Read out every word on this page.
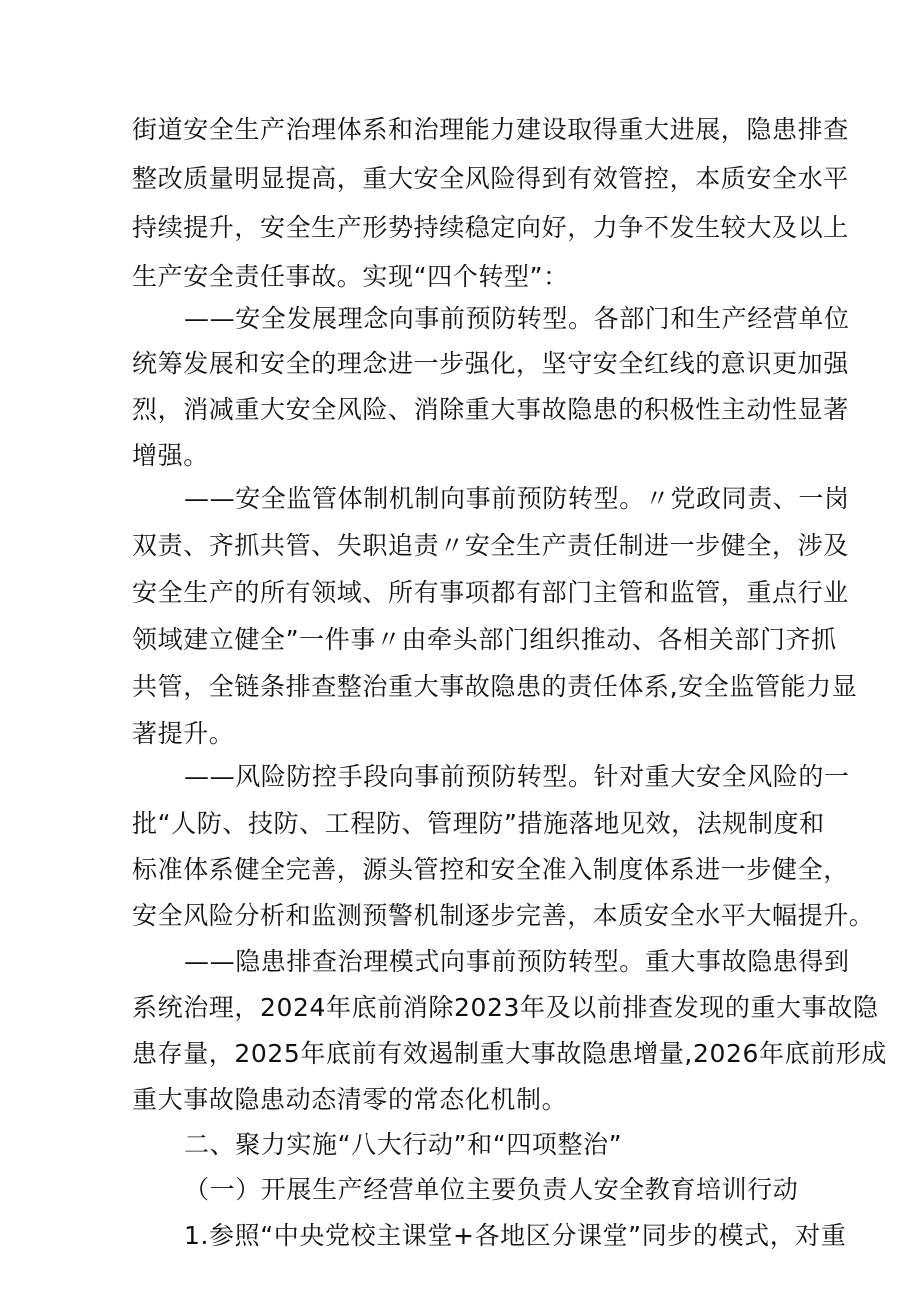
街道安全生产治理体系和治理能力建设取得重大进展，隐患排查
整改质量明显提高，重大安全风险得到有效管控，本质安全水平
持续提升，安全生产形势持续稳定向好，力争不发生较大及以上
生产安全责任事故。实现“四个转型”：
——安全发展理念向事前预防转型。各部门和生产经营单位
统筹发展和安全的理念进一步强化，坚守安全红线的意识更加强
烈，消减重大安全风险、消除重大事故隐患的积极性主动性显著
增强。
——安全监管体制机制向事前预防转型。〃党政同责、一岗
双责、齐抓共管、失职追责〃安全生产责任制进一步健全，涉及
安全生产的所有领域、所有事项都有部门主管和监管，重点行业
领域建立健全”一件事〃由牵头部门组织推动、各相关部门齐抓
共管，全链条排查整治重大事故隐患的责任体系,安全监管能力显
著提升。
——风险防控手段向事前预防转型。针对重大安全风险的一
批“人防、技防、工程防、管理防”措施落地见效，法规制度和
标准体系健全完善，源头管控和安全准入制度体系进一步健全，
安全风险分析和监测预警机制逐步完善，本质安全水平大幅提升。
——隐患排查治理模式向事前预防转型。重大事故隐患得到
系统治理，2024年底前消除2023年及以前排查发现的重大事故隐
患存量，2025年底前有效遏制重大事故隐患增量,2026年底前形成
重大事故隐患动态清零的常态化机制。
二、聚力实施“八大行动”和“四项整治”
（一）开展生产经营单位主要负责人安全教育培训行动
1.参照“中央党校主课堂+各地区分课堂”同步的模式，对重
